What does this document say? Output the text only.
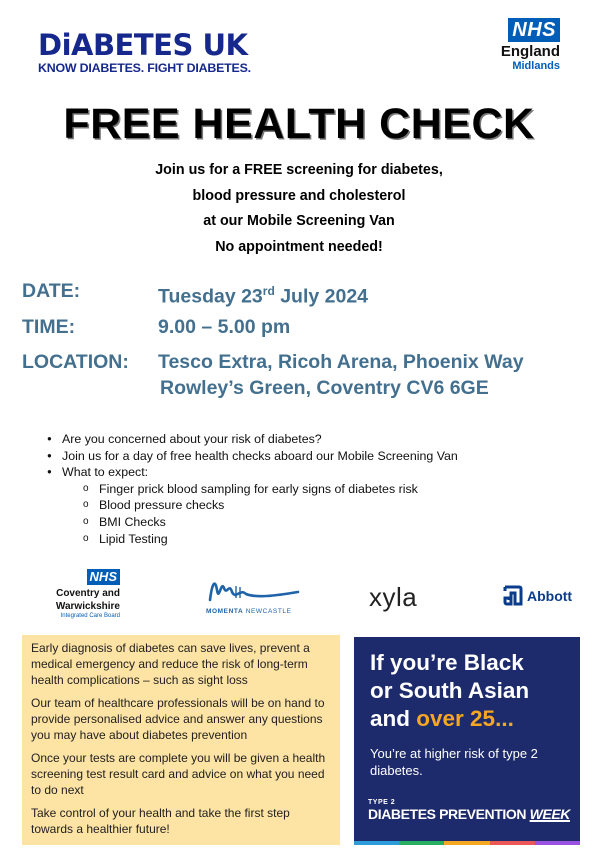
DiABETES UK
KNOW DIABETES. FIGHT DIABETES.
NHS
England
Midlands
FREE HEALTH CHECK
Join us for a FREE screening for diabetes,
blood pressure and cholesterol
at our Mobile Screening Van
No appointment needed!
DATE:	Tuesday 23rd July 2024
TIME:	9.00 – 5.00 pm
LOCATION: Tesco Extra, Ricoh Arena, Phoenix Way
Rowley’s Green, Coventry CV6 6GE
● Are you concerned about your risk of diabetes?
● Join us for a day of free health checks aboard our Mobile Screening Van
● What to expect:
o Finger prick blood sampling for early signs of diabetes risk
o Blood pressure checks
o BMI Checks
o Lipid Testing
NHS
Coventry and
Warwickshire
Integrated Care Board
MOMENTA NEWCASTLE	xyla	Abbott

Early diagnosis of diabetes can save lives, prevent a medical emergency and reduce the risk of long-term health complications – such as sight loss

Our team of healthcare professionals will be on hand to provide personalised advice and answer any questions you may have about diabetes prevention

Once your tests are complete you will be given a health screening test result card and advice on what you need to do next

Take control of your health and take the first step towards a healthier future!

If you’re Black
or South Asian
and over 25...
You’re at higher risk of type 2 diabetes.
TYPE 2
DIABETES PREVENTION WEEK
